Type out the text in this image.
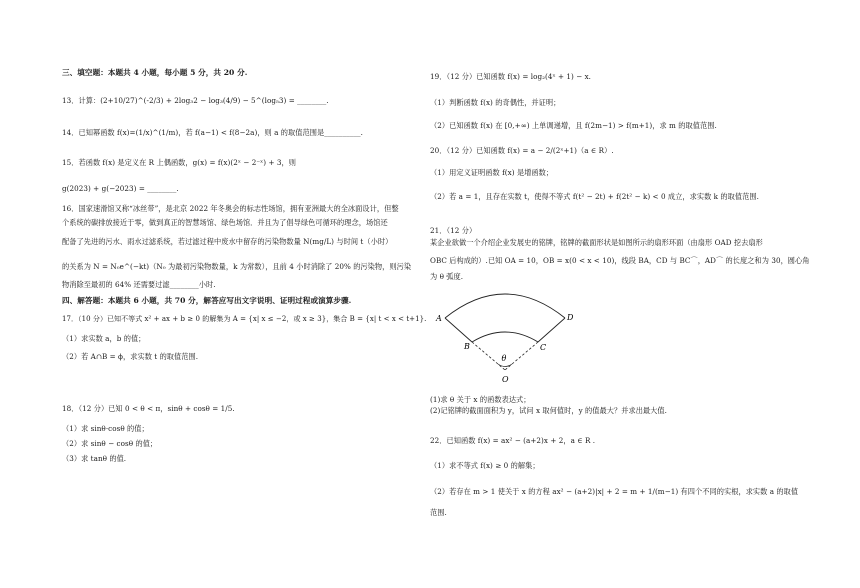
三、填空题：本题共 4 小题，每小题 5 分，共 20 分.
13．计算：(2+10/27)^(-2/3) + 2log₃2 − log₃(4/9) − 5^(log₅3) = ________.
14．已知幂函数 f(x)=(1/x)^(1/m)，若 f(a−1) < f(8−2a)，则 a 的取值范围是__________.
15．若函数 f(x) 是定义在 R 上偶函数，g(x) = f(x)(2ˣ − 2⁻ˣ) + 3，则
g(2023) + g(−2023) = ________.
16．国家速滑馆又称“冰丝带”，是北京 2022 年冬奥会的标志性场馆，拥有亚洲最大的全冰面设计，但整
个系统的碳排放接近于零，做到真正的智慧场馆、绿色场馆．并且为了倡导绿色可循环的理念，场馆还
配备了先进的污水、雨水过滤系统，若过滤过程中废水中留存的污染物数量 N(mg/L) 与时间 t（小时）
的关系为 N = N₀e^(−kt)（N₀ 为最初污染物数量，k 为常数），且前 4 小时消除了 20% 的污染物，则污染
物消除至最初的 64% 还需要过滤________小时.
四、解答题：本题共 6 小题，共 70 分，解答应写出文字说明、证明过程或演算步骤.
17．（10 分）已知不等式 x² + ax + b ≥ 0 的解集为 A = {x| x ≤ −2，或 x ≥ 3}，集合 B = {x| t < x < t+1}.
（1）求实数 a，b 的值；
（2）若 A∩B = ϕ，求实数 t 的取值范围.
18．（12 分）已知 0 < θ < π，sinθ + cosθ = 1/5.
（1）求 sinθ·cosθ 的值；
（2）求 sinθ − cosθ 的值；
（3）求 tanθ 的值.
19．（12 分）已知函数 f(x) = log₂(4ˣ + 1) − x.
（1）判断函数 f(x) 的奇偶性，并证明；
（2）已知函数 f(x) 在 [0,+∞) 上单调递增，且 f(2m−1) > f(m+1)，求 m 的取值范围.
20．（12 分）已知函数 f(x) = a − 2/(2ˣ+1)（a ∈ R）.
（1）用定义证明函数 f(x) 是增函数；
（2）若 a = 1，且存在实数 t，使得不等式 f(t² − 2t) + f(2t² − k) < 0 成立，求实数 k 的取值范围.
21．（12 分）
某企业欲做一个介绍企业发展史的铭牌，铭牌的截面形状是如图所示的扇形环面（由扇形 OAD 挖去扇形
OBC 后构成的）.已知 OA = 10，OB = x(0 < x < 10)，线段 BA，CD 与 BC⌒，AD⌒ 的长度之和为 30，圆心角
为 θ 弧度.
A
B	C
D
O
θ
(1)求 θ 关于 x 的函数表达式；
(2)记铭牌的截面面积为 y，试问 x 取何值时，y 的值最大？并求出最大值.
22．已知函数 f(x) = ax² − (a+2)x + 2，a ∈ R .
（1）求不等式 f(x) ≥ 0 的解集；
（2）若存在 m > 1 使关于 x 的方程 ax² − (a+2)|x| + 2 = m + 1/(m−1) 有四个不同的实根，求实数 a 的取值
范围.
